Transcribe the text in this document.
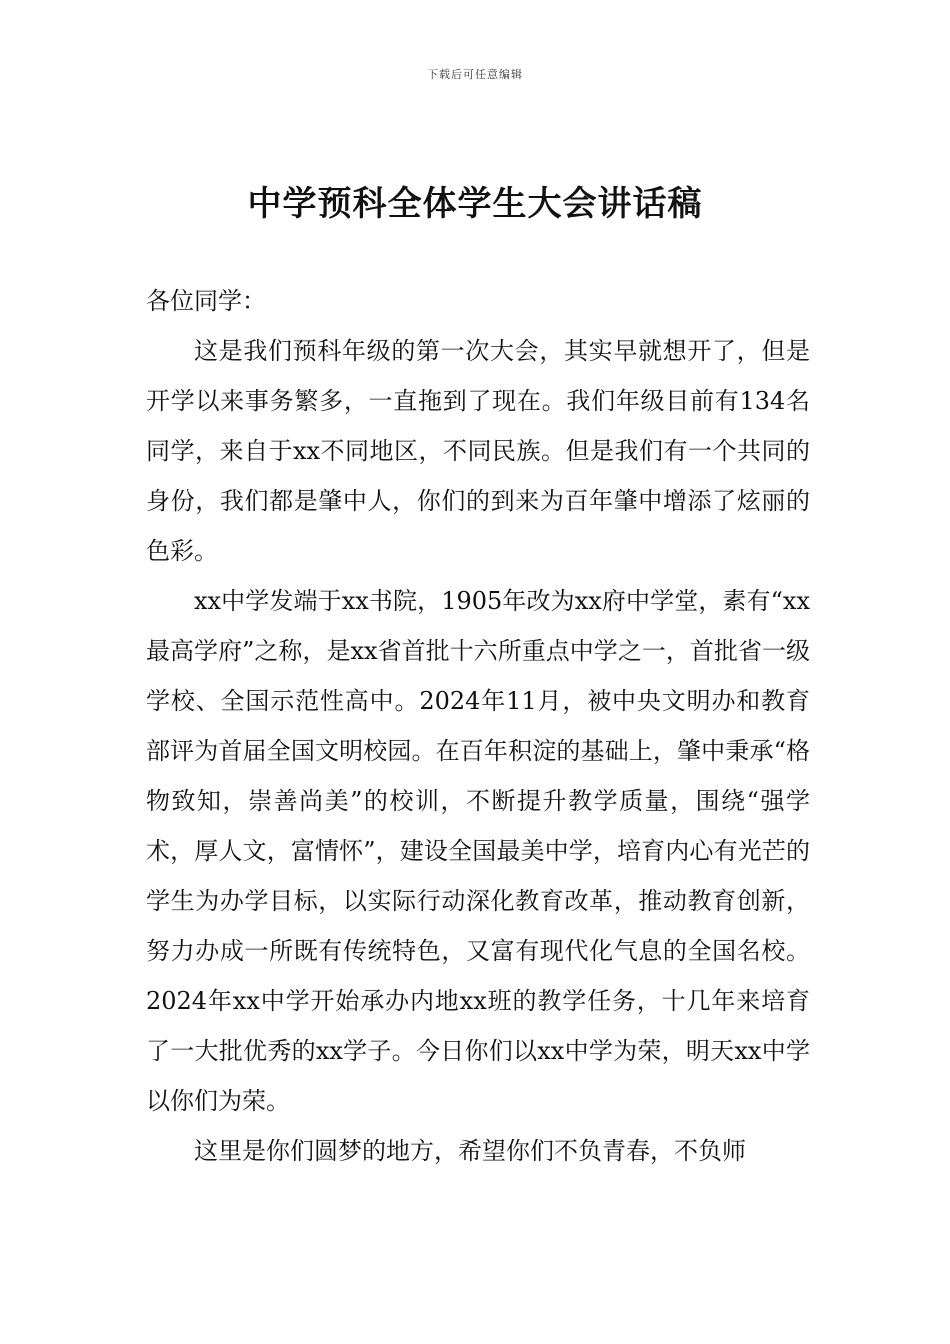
下载后可任意编辑
中学预科全体学生大会讲话稿

各位同学：

这是我们预科年级的第一次大会，其实早就想开了，但是开学以来事务繁多，一直拖到了现在。我们年级目前有134名同学，来自于xx不同地区，不同民族。但是我们有一个共同的身份，我们都是肇中人，你们的到来为百年肇中增添了炫丽的色彩。

xx中学发端于xx书院，1905年改为xx府中学堂，素有“xx最高学府”之称，是xx省首批十六所重点中学之一，首批省一级学校、全国示范性高中。2024年11月，被中央文明办和教育部评为首届全国文明校园。在百年积淀的基础上，肇中秉承“格物致知，崇善尚美”的校训，不断提升教学质量，围绕“强学术，厚人文，富情怀”，建设全国最美中学，培育内心有光芒的学生为办学目标，以实际行动深化教育改革，推动教育创新，努力办成一所既有传统特色，又富有现代化气息的全国名校。2024年xx中学开始承办内地xx班的教学任务，十几年来培育了一大批优秀的xx学子。今日你们以xx中学为荣，明天xx中学以你们为荣。

这里是你们圆梦的地方，希望你们不负青春，不负师
